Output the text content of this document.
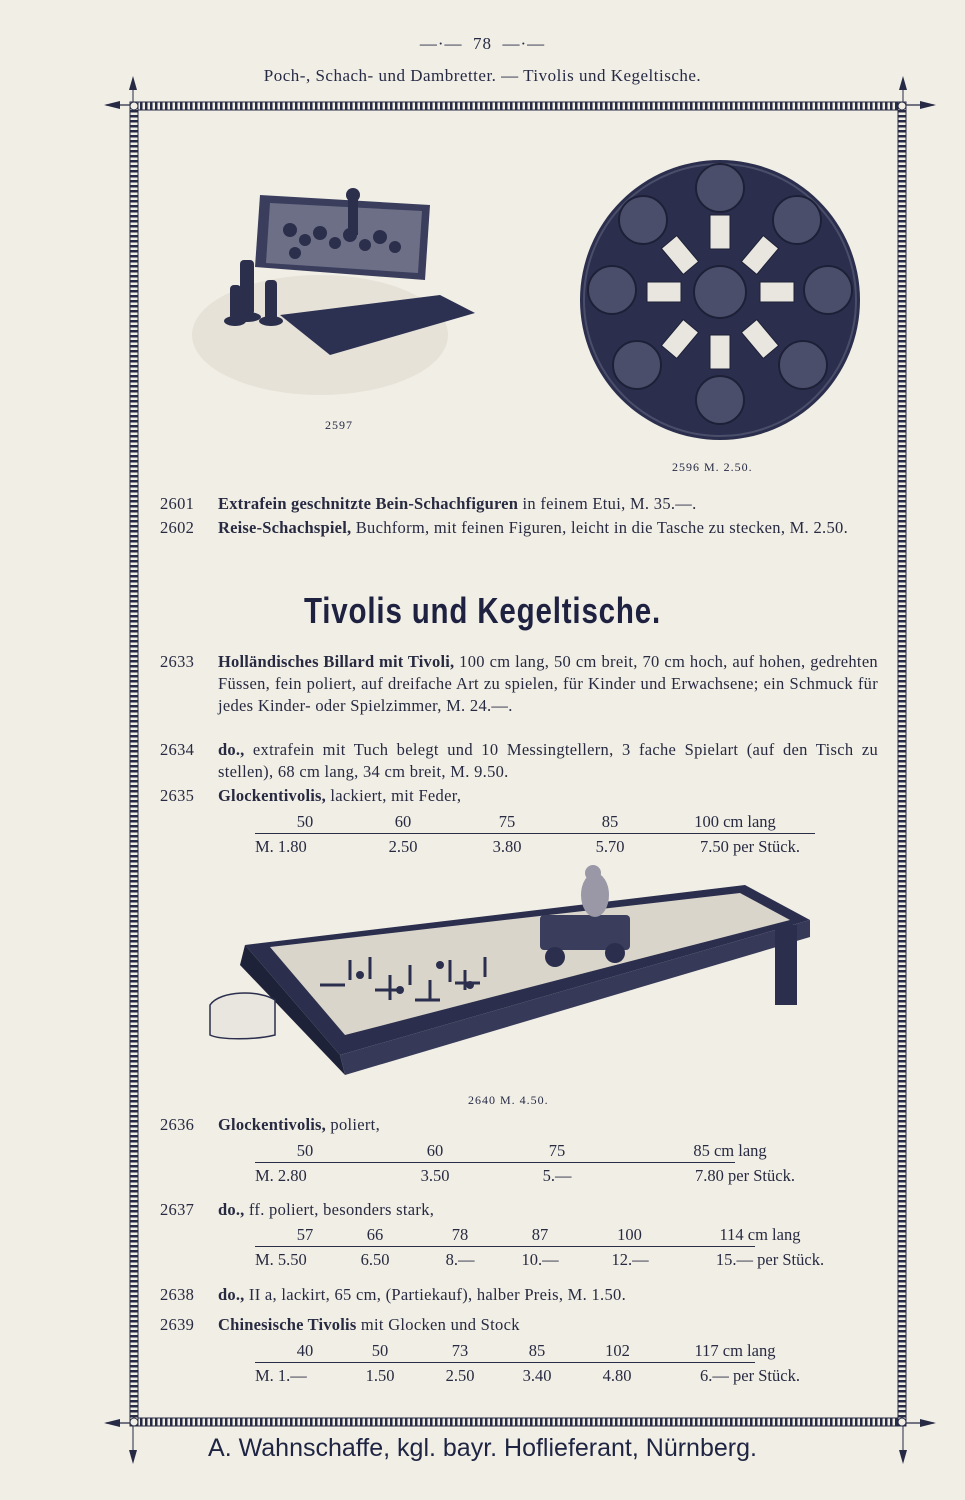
—·—  78  —·—
Poch-, Schach- und Dambretter. — Tivolis und Kegeltische.
2597
2596 M. 2.50.
2601 Extrafein geschnitzte Bein-Schachfiguren in feinem Etui, M. 35.—.
2602 Reise-Schachspiel, Buchform, mit feinen Figuren, leicht in die Tasche zu stecken, M. 2.50.
Tivolis und Kegeltische.
2633 Holländisches Billard mit Tivoli, 100 cm lang, 50 cm breit, 70 cm hoch, auf hohen, gedrehten Füssen, fein poliert, auf dreifache Art zu spielen, für Kinder und Erwachsene; ein Schmuck für jedes Kinder- oder Spielzimmer, M. 24.—.
2634 do., extrafein mit Tuch belegt und 10 Messingtellern, 3 fache Spielart (auf den Tisch zu stellen), 68 cm lang, 34 cm breit, M. 9.50.
2635 Glockentivolis, lackiert, mit Feder,
50	60	75	85	100 cm lang
M. 1.80	2.50	3.80	5.70	7.50 per Stück.
2640 M. 4.50.
2636 Glockentivolis, poliert,
50	60	75	85 cm lang
M. 2.80	3.50	5.—	7.80 per Stück.
2637 do., ff. poliert, besonders stark,
57	66	78	87	100	114 cm lang
M. 5.50	6.50	8.—	10.—	12.—	15.— per Stück.
2638 do., II a, lackirt, 65 cm, (Partiekauf), halber Preis, M. 1.50.
2639 Chinesische Tivolis mit Glocken und Stock
40	50	73	85	102	117 cm lang
M. 1.—	1.50	2.50	3.40	4.80	6.— per Stück.
A. Wahnschaffe, kgl. bayr. Hoflieferant, Nürnberg.
